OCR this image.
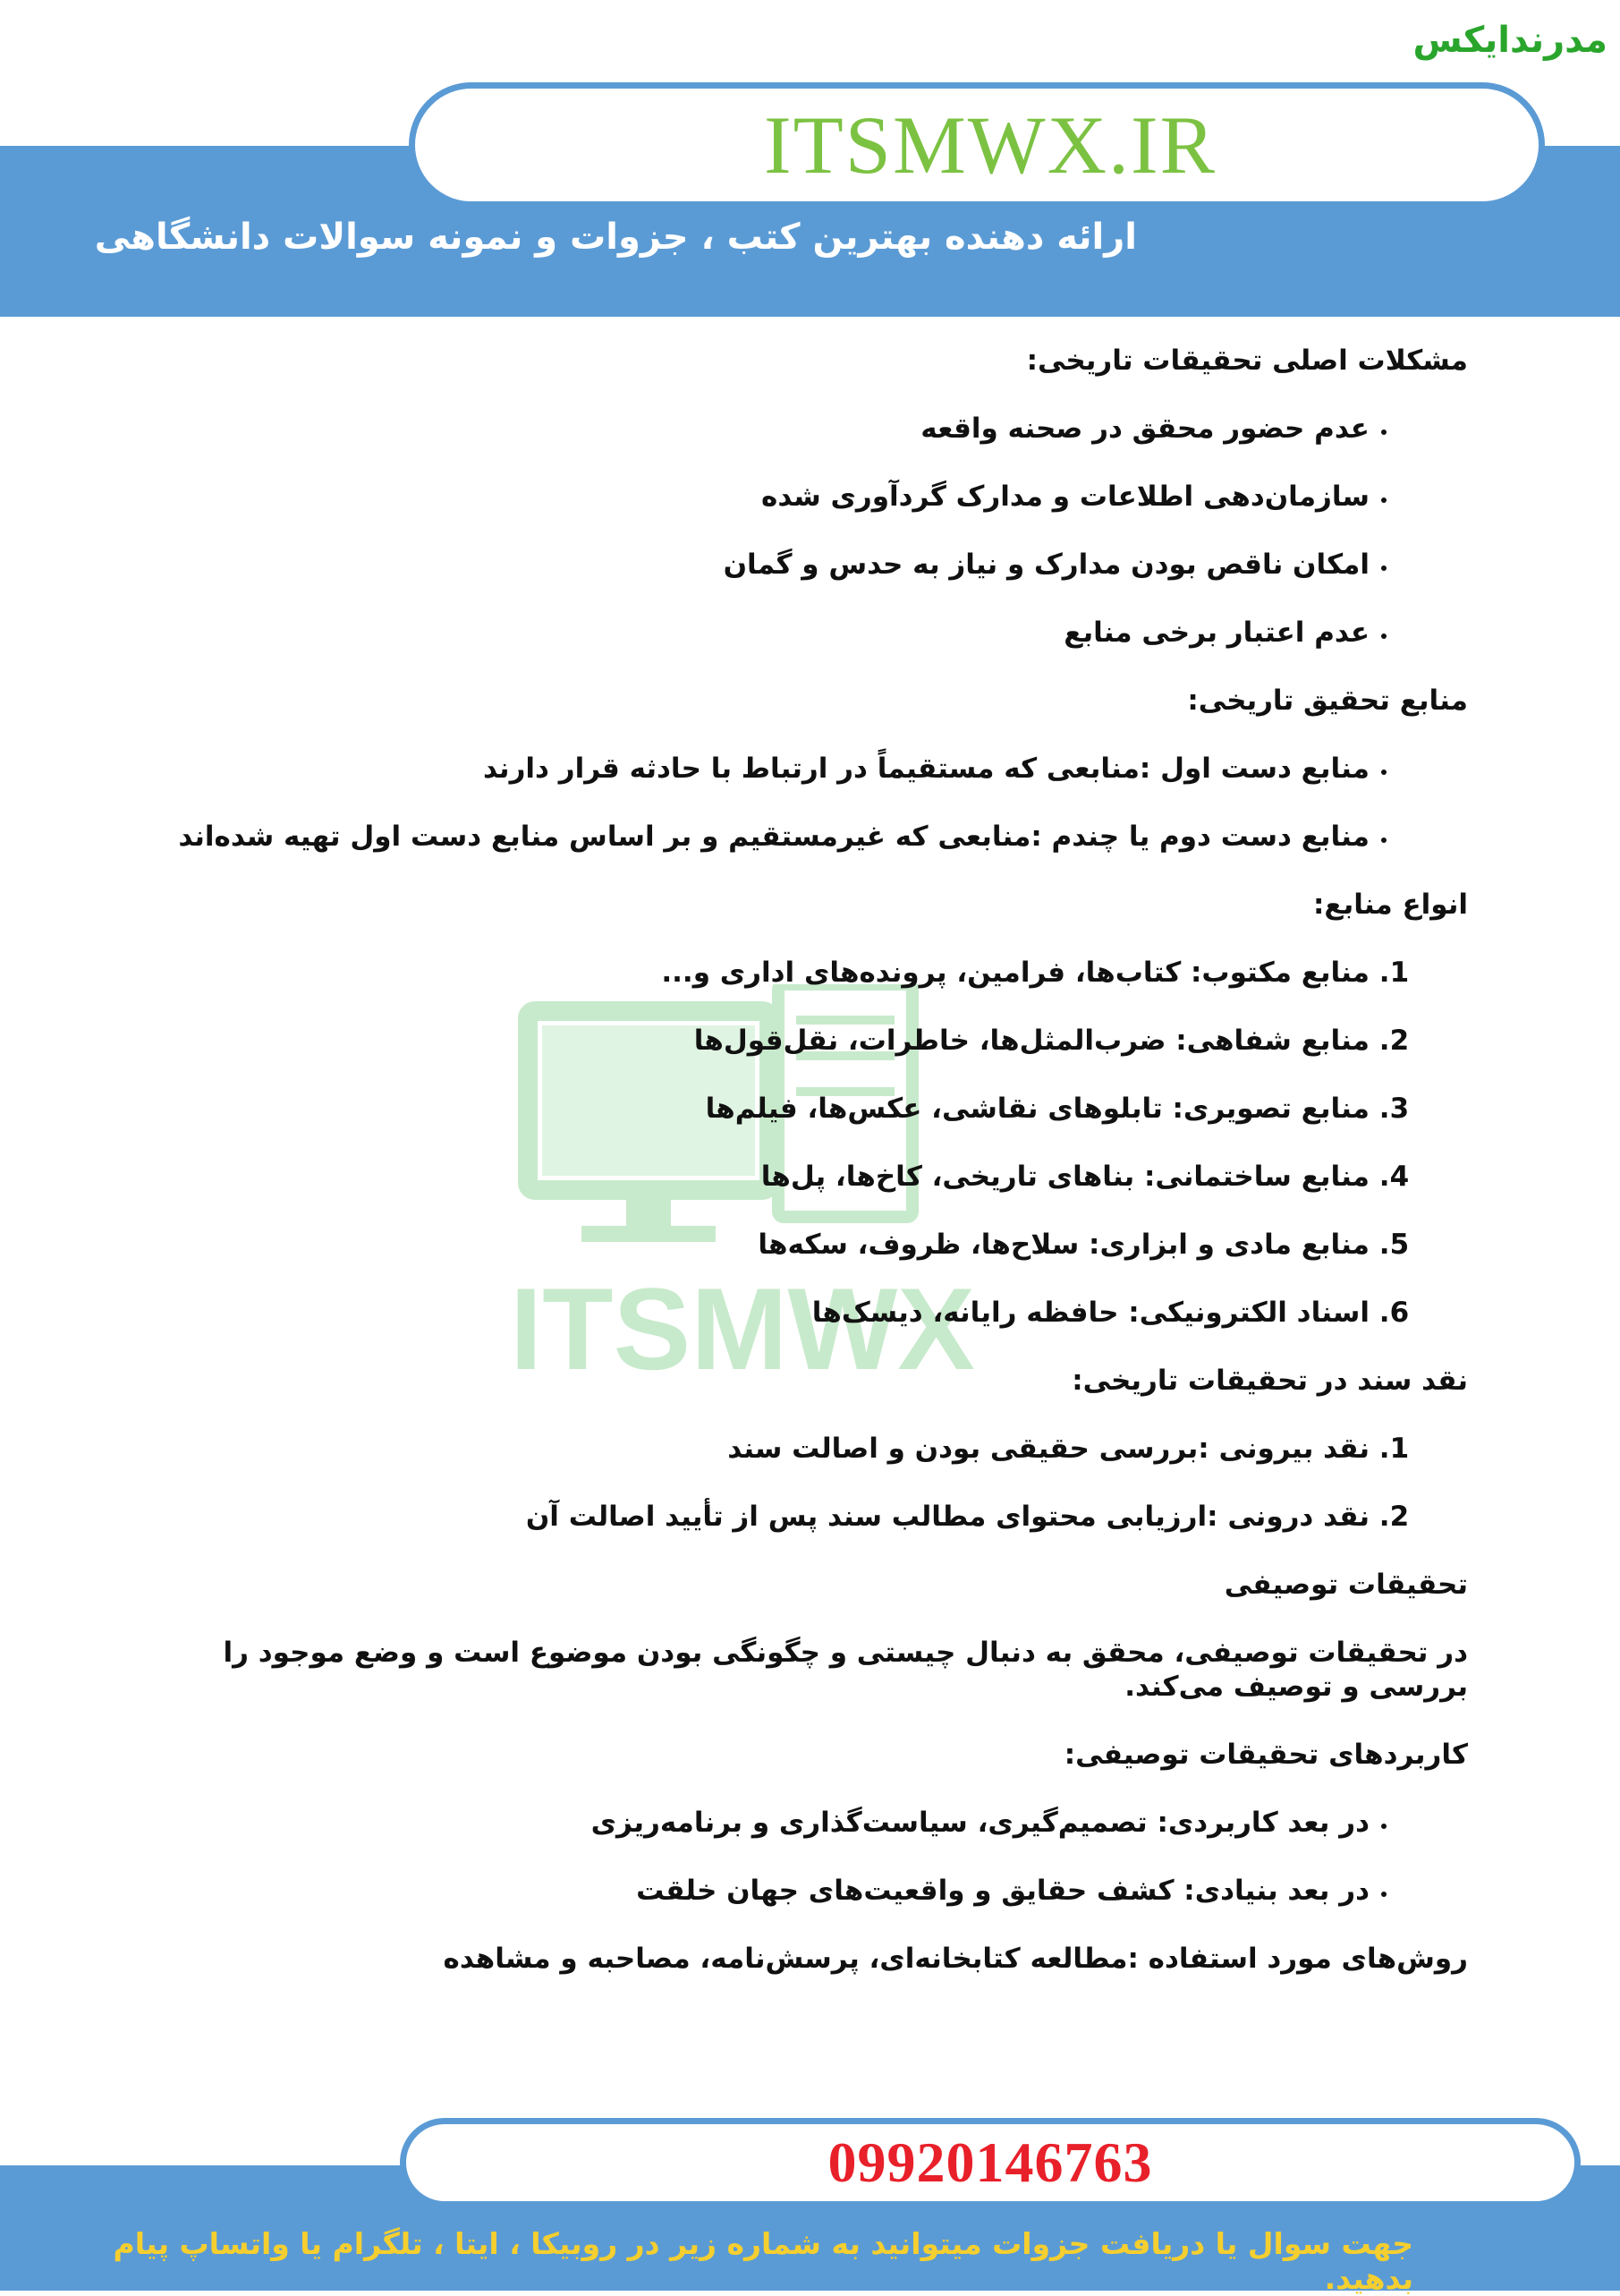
مدرندایکس
ITSMWX.IR
ارائه دهنده بهترین کتب ، جزوات و نمونه سوالات دانشگاهی
ITSMWX
مشکلات اصلی تحقیقات تاریخی:
• عدم حضور محقق در صحنه واقعه
• سازمان‌دهی اطلاعات و مدارک گردآوری شده
• امکان ناقص بودن مدارک و نیاز به حدس و گمان
• عدم اعتبار برخی منابع
منابع تحقیق تاریخی:
• منابع دست اول :منابعی که مستقیماً در ارتباط با حادثه قرار دارند
• منابع دست دوم یا چندم :منابعی که غیرمستقیم و بر اساس منابع دست اول تهیه شده‌اند
انواع منابع:
1. منابع مکتوب: کتاب‌ها، فرامین، پرونده‌های اداری و...
2. منابع شفاهی: ضرب‌المثل‌ها، خاطرات، نقل‌قول‌ها
3. منابع تصویری: تابلوهای نقاشی، عکس‌ها، فیلم‌ها
4. منابع ساختمانی: بناهای تاریخی، کاخ‌ها، پل‌ها
5. منابع مادی و ابزاری: سلاح‌ها، ظروف، سکه‌ها
6. اسناد الکترونیکی: حافظه رایانه، دیسک‌ها
نقد سند در تحقیقات تاریخی:
1. نقد بیرونی :بررسی حقیقی بودن و اصالت سند
2. نقد درونی :ارزیابی محتوای مطالب سند پس از تأیید اصالت آن
تحقیقات توصیفی

در تحقیقات توصیفی، محقق به دنبال چیستی و چگونگی بودن موضوع است و وضع موجود را بررسی و توصیف می‌کند.

کاربردهای تحقیقات توصیفی:
• در بعد کاربردی: تصمیم‌گیری، سیاست‌گذاری و برنامه‌ریزی
• در بعد بنیادی: کشف حقایق و واقعیت‌های جهان خلقت

روش‌های مورد استفاده :مطالعه کتابخانه‌ای، پرسش‌نامه، مصاحبه و مشاهده

09920146763
جهت سوال یا دریافت جزوات میتوانید به شماره زیر در روبیکا ، ایتا ، تلگرام یا واتساپ پیام بدهید.
